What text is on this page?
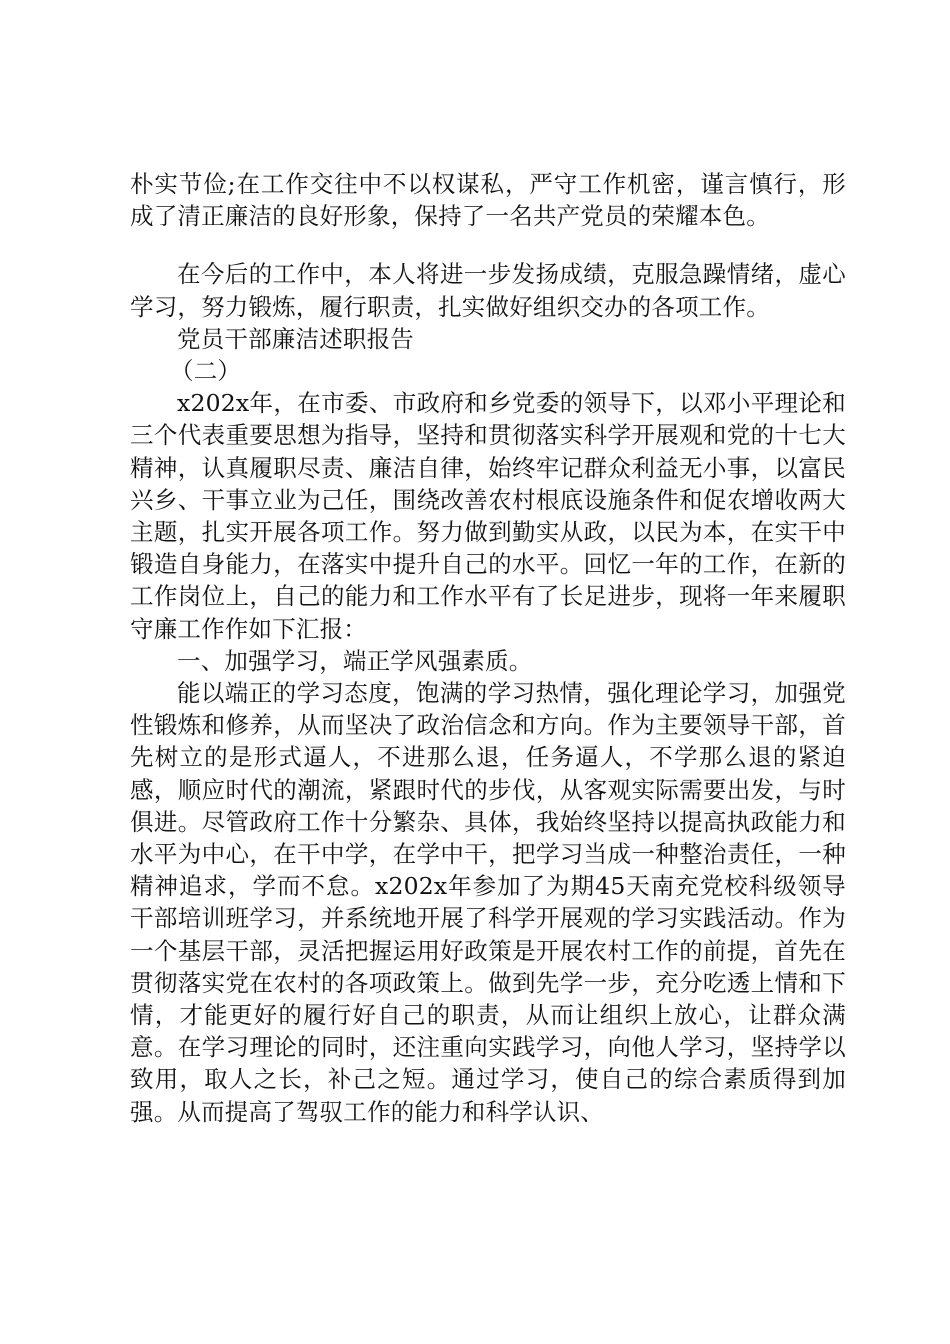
朴实节俭;在工作交往中不以权谋私，严守工作机密，谨言慎行，形成了清正廉洁的良好形象，保持了一名共产党员的荣耀本色。

在今后的工作中，本人将进一步发扬成绩，克服急躁情绪，虚心学习，努力锻炼，履行职责，扎实做好组织交办的各项工作。

党员干部廉洁述职报告

（二）

x202x年，在市委、市政府和乡党委的领导下，以邓小平理论和三个代表重要思想为指导，坚持和贯彻落实科学开展观和党的十七大精神，认真履职尽责、廉洁自律，始终牢记群众利益无小事，以富民兴乡、干事立业为己任，围绕改善农村根底设施条件和促农增收两大主题，扎实开展各项工作。努力做到勤实从政，以民为本，在实干中锻造自身能力，在落实中提升自己的水平。回忆一年的工作，在新的工作岗位上，自己的能力和工作水平有了长足进步，现将一年来履职守廉工作作如下汇报：

一、加强学习，端正学风强素质。

能以端正的学习态度，饱满的学习热情，强化理论学习，加强党性锻炼和修养，从而坚决了政治信念和方向。作为主要领导干部，首先树立的是形式逼人，不进那么退，任务逼人，不学那么退的紧迫感，顺应时代的潮流，紧跟时代的步伐，从客观实际需要出发，与时俱进。尽管政府工作十分繁杂、具体，我始终坚持以提高执政能力和水平为中心，在干中学，在学中干，把学习当成一种整治责任，一种精神追求，学而不怠。x202x年参加了为期45天南充党校科级领导干部培训班学习，并系统地开展了科学开展观的学习实践活动。作为一个基层干部，灵活把握运用好政策是开展农村工作的前提，首先在贯彻落实党在农村的各项政策上。做到先学一步，充分吃透上情和下情，才能更好的履行好自己的职责，从而让组织上放心，让群众满意。在学习理论的同时，还注重向实践学习，向他人学习，坚持学以致用，取人之长，补己之短。通过学习，使自己的综合素质得到加强。从而提高了驾驭工作的能力和科学认识、
